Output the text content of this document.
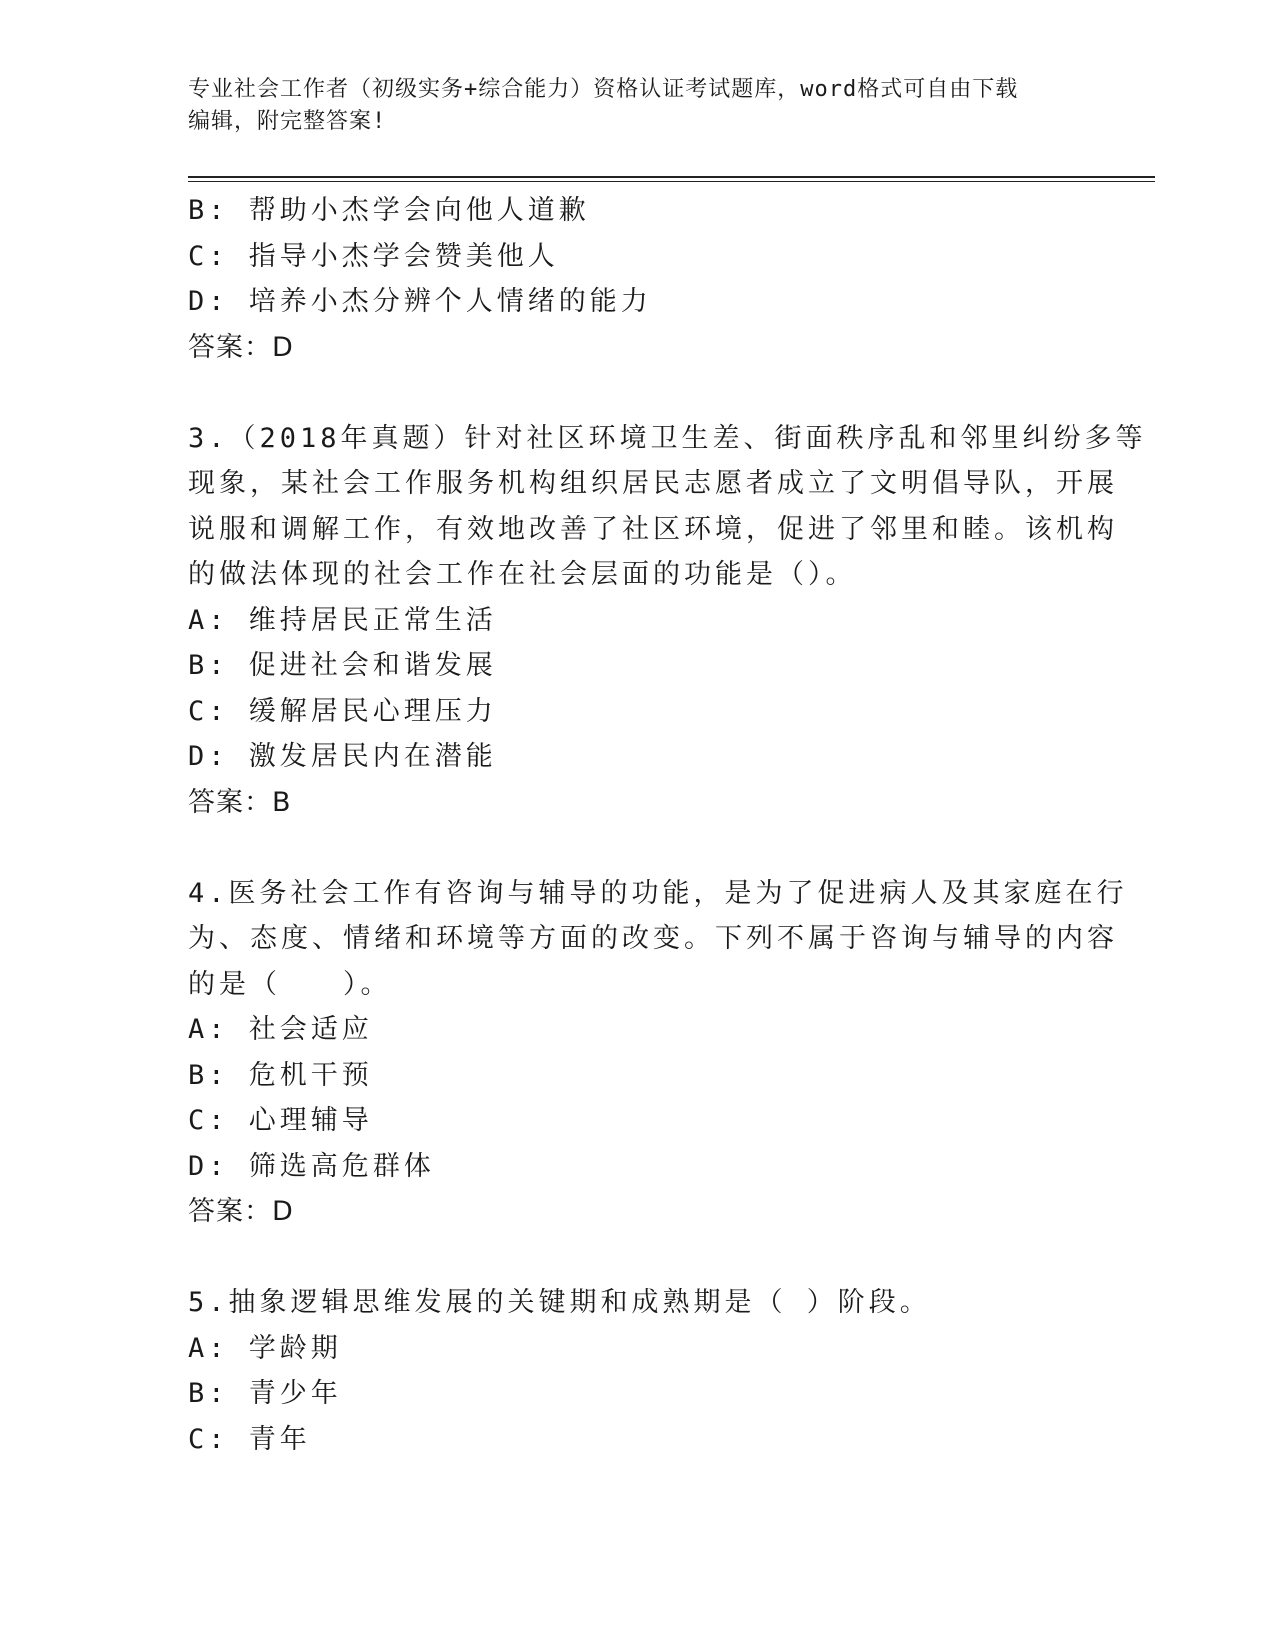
专业社会工作者（初级实务+综合能力）资格认证考试题库，word格式可自由下载
编辑，附完整答案!
B: 帮助小杰学会向他人道歉
C: 指导小杰学会赞美他人
D: 培养小杰分辨个人情绪的能力
答案：D
3.（2018年真题）针对社区环境卫生差、街面秩序乱和邻里纠纷多等
现象，某社会工作服务机构组织居民志愿者成立了文明倡导队，开展
说服和调解工作，有效地改善了社区环境，促进了邻里和睦。该机构
的做法体现的社会工作在社会层面的功能是（）。
A: 维持居民正常生活
B: 促进社会和谐发展
C: 缓解居民心理压力
D: 激发居民内在潜能
答案：B
4.医务社会工作有咨询与辅导的功能，是为了促进病人及其家庭在行
为、态度、情绪和环境等方面的改变。下列不属于咨询与辅导的内容
的是（　　）。
A: 社会适应
B: 危机干预
C: 心理辅导
D: 筛选高危群体
答案：D
5.抽象逻辑思维发展的关键期和成熟期是（ ）阶段。
A: 学龄期
B: 青少年
C: 青年
